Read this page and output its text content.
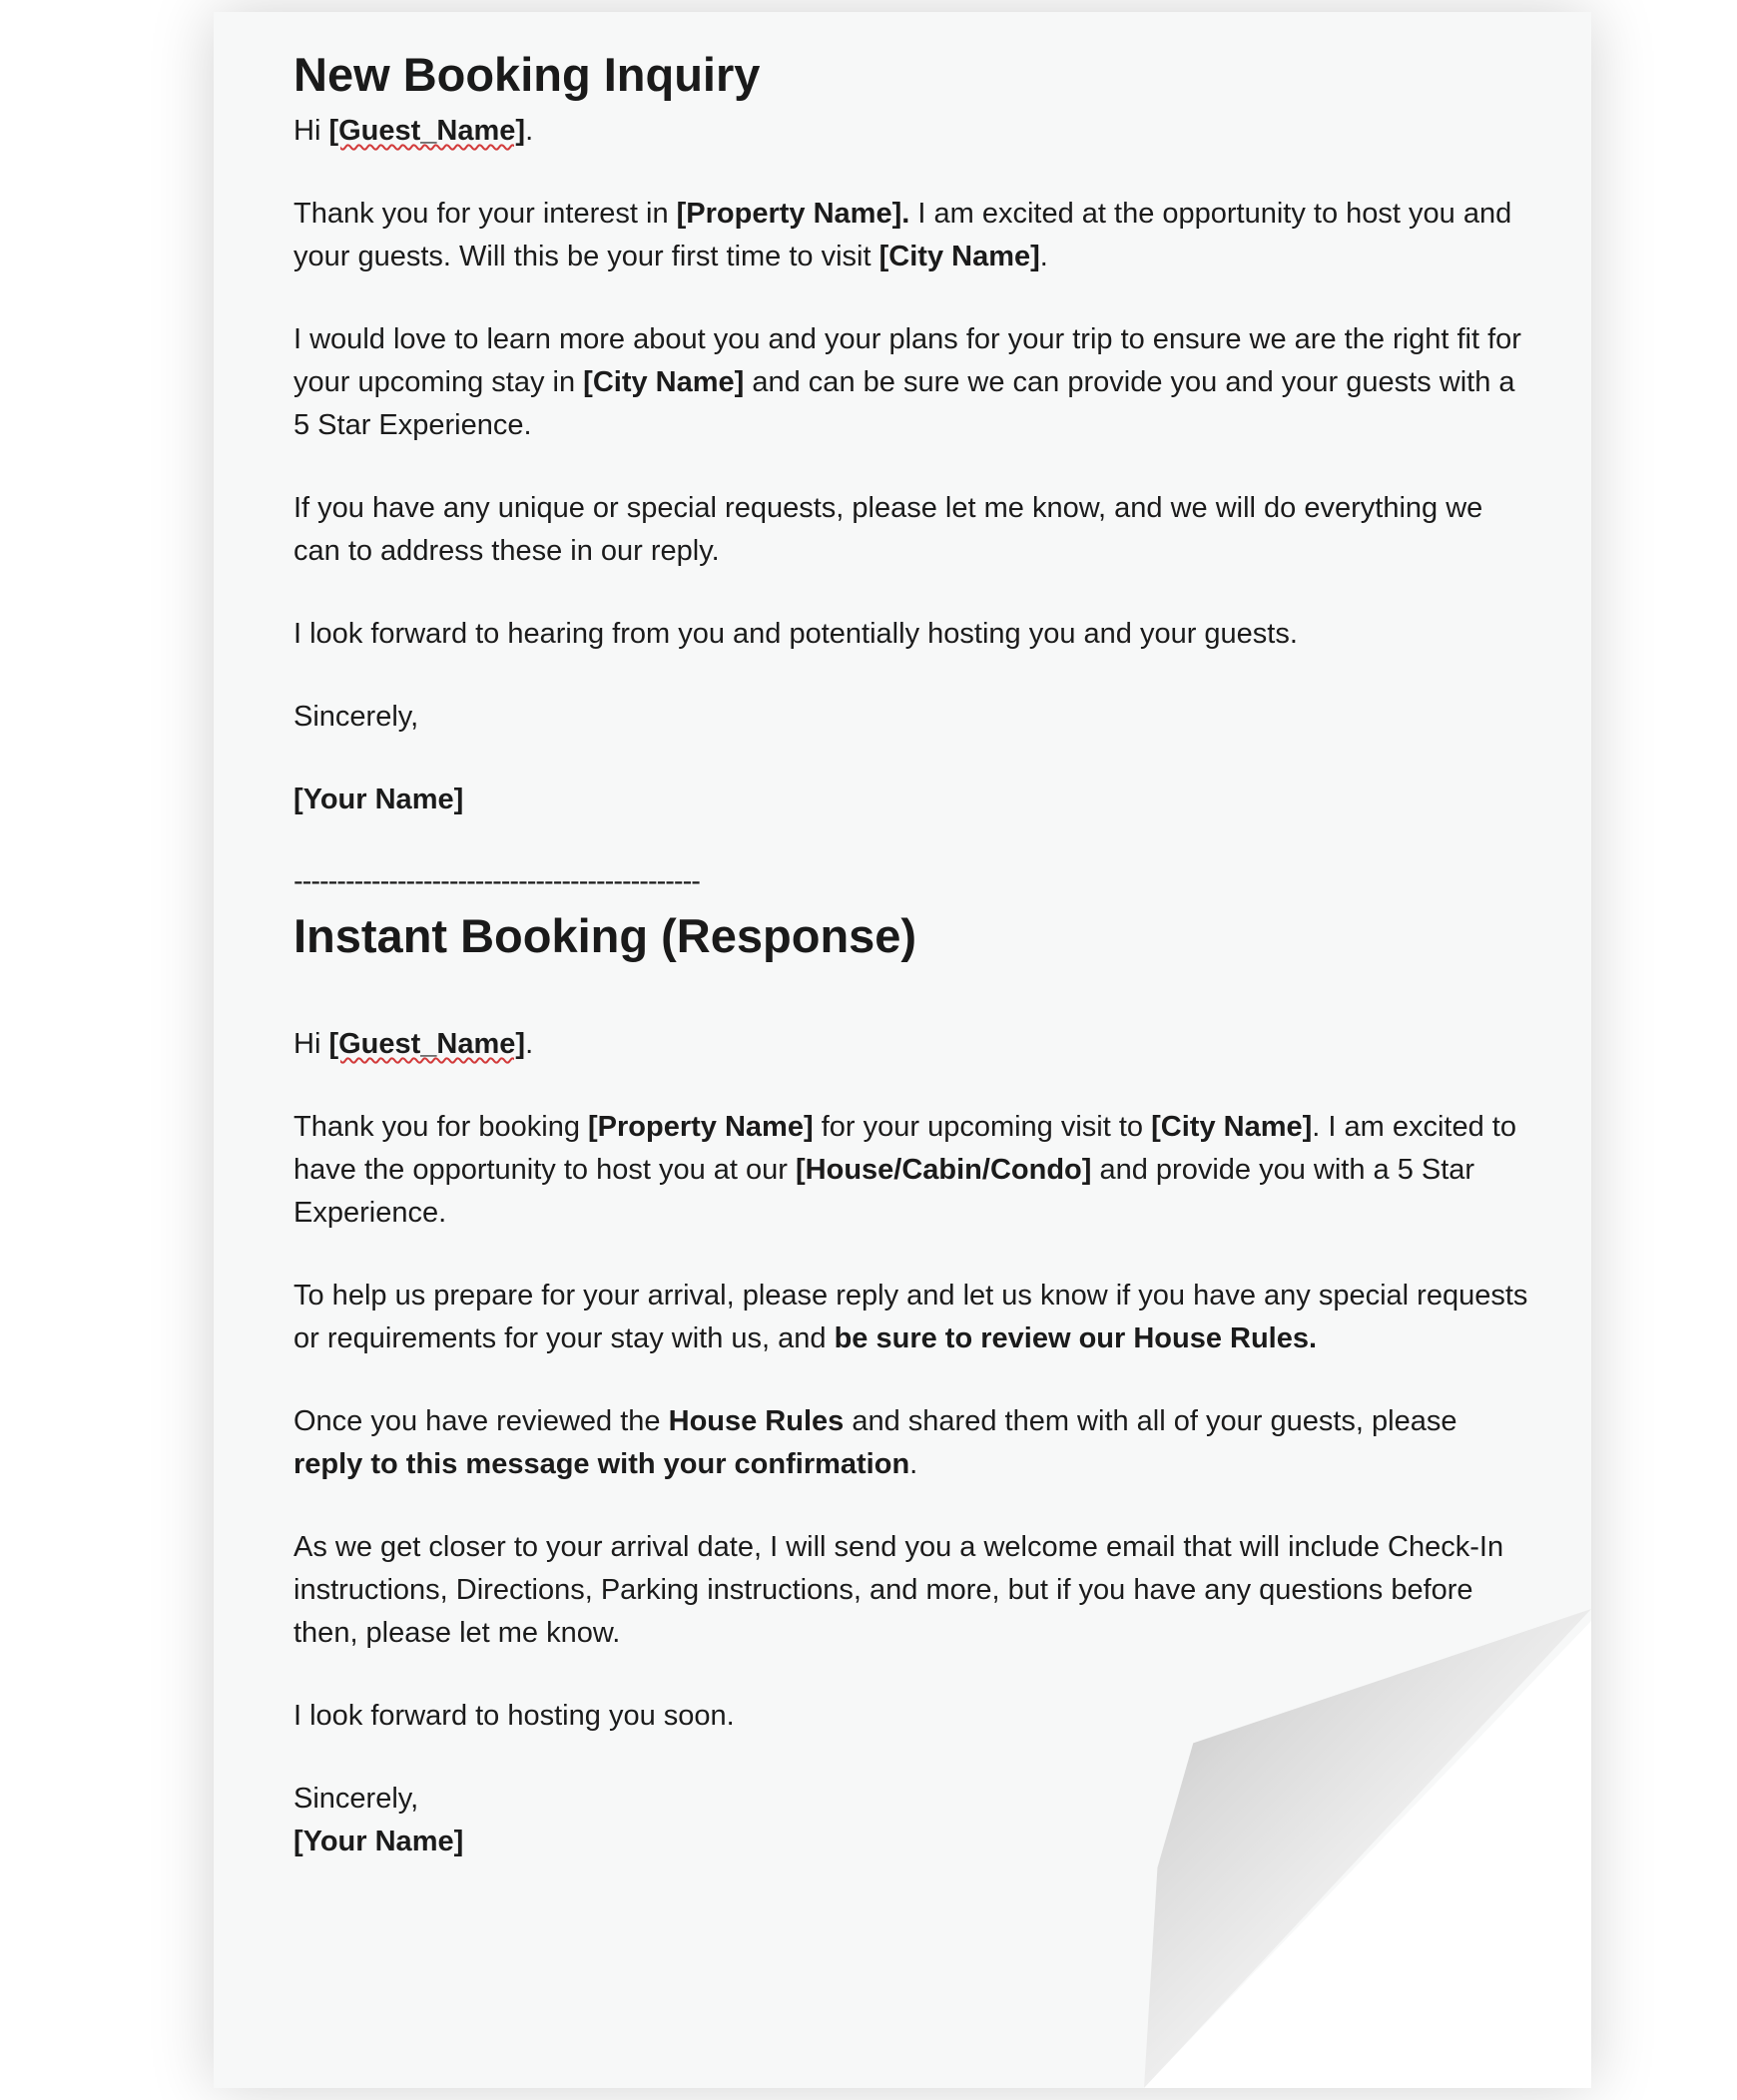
New Booking Inquiry

Hi [Guest_Name].

Thank you for your interest in [Property Name]. I am excited at the opportunity to host you and your guests. Will this be your first time to visit [City Name].

I would love to learn more about you and your plans for your trip to ensure we are the right fit for your upcoming stay in [City Name] and can be sure we can provide you and your guests with a 5 Star Experience.

If you have any unique or special requests, please let me know, and we will do everything we can to address these in our reply.

I look forward to hearing from you and potentially hosting you and your guests.

Sincerely,

[Your Name]

-----------------------------------------------
Instant Booking (Response)

Hi [Guest_Name].

Thank you for booking [Property Name] for your upcoming visit to [City Name]. I am excited to have the opportunity to host you at our [House/Cabin/Condo] and provide you with a 5 Star Experience.

To help us prepare for your arrival, please reply and let us know if you have any special requests or requirements for your stay with us, and be sure to review our House Rules.

Once you have reviewed the House Rules and shared them with all of your guests, please reply to this message with your confirmation.

As we get closer to your arrival date, I will send you a welcome email that will include Check-In instructions, Directions, Parking instructions, and more, but if you have any questions before then, please let me know.

I look forward to hosting you soon.

Sincerely,

[Your Name]
